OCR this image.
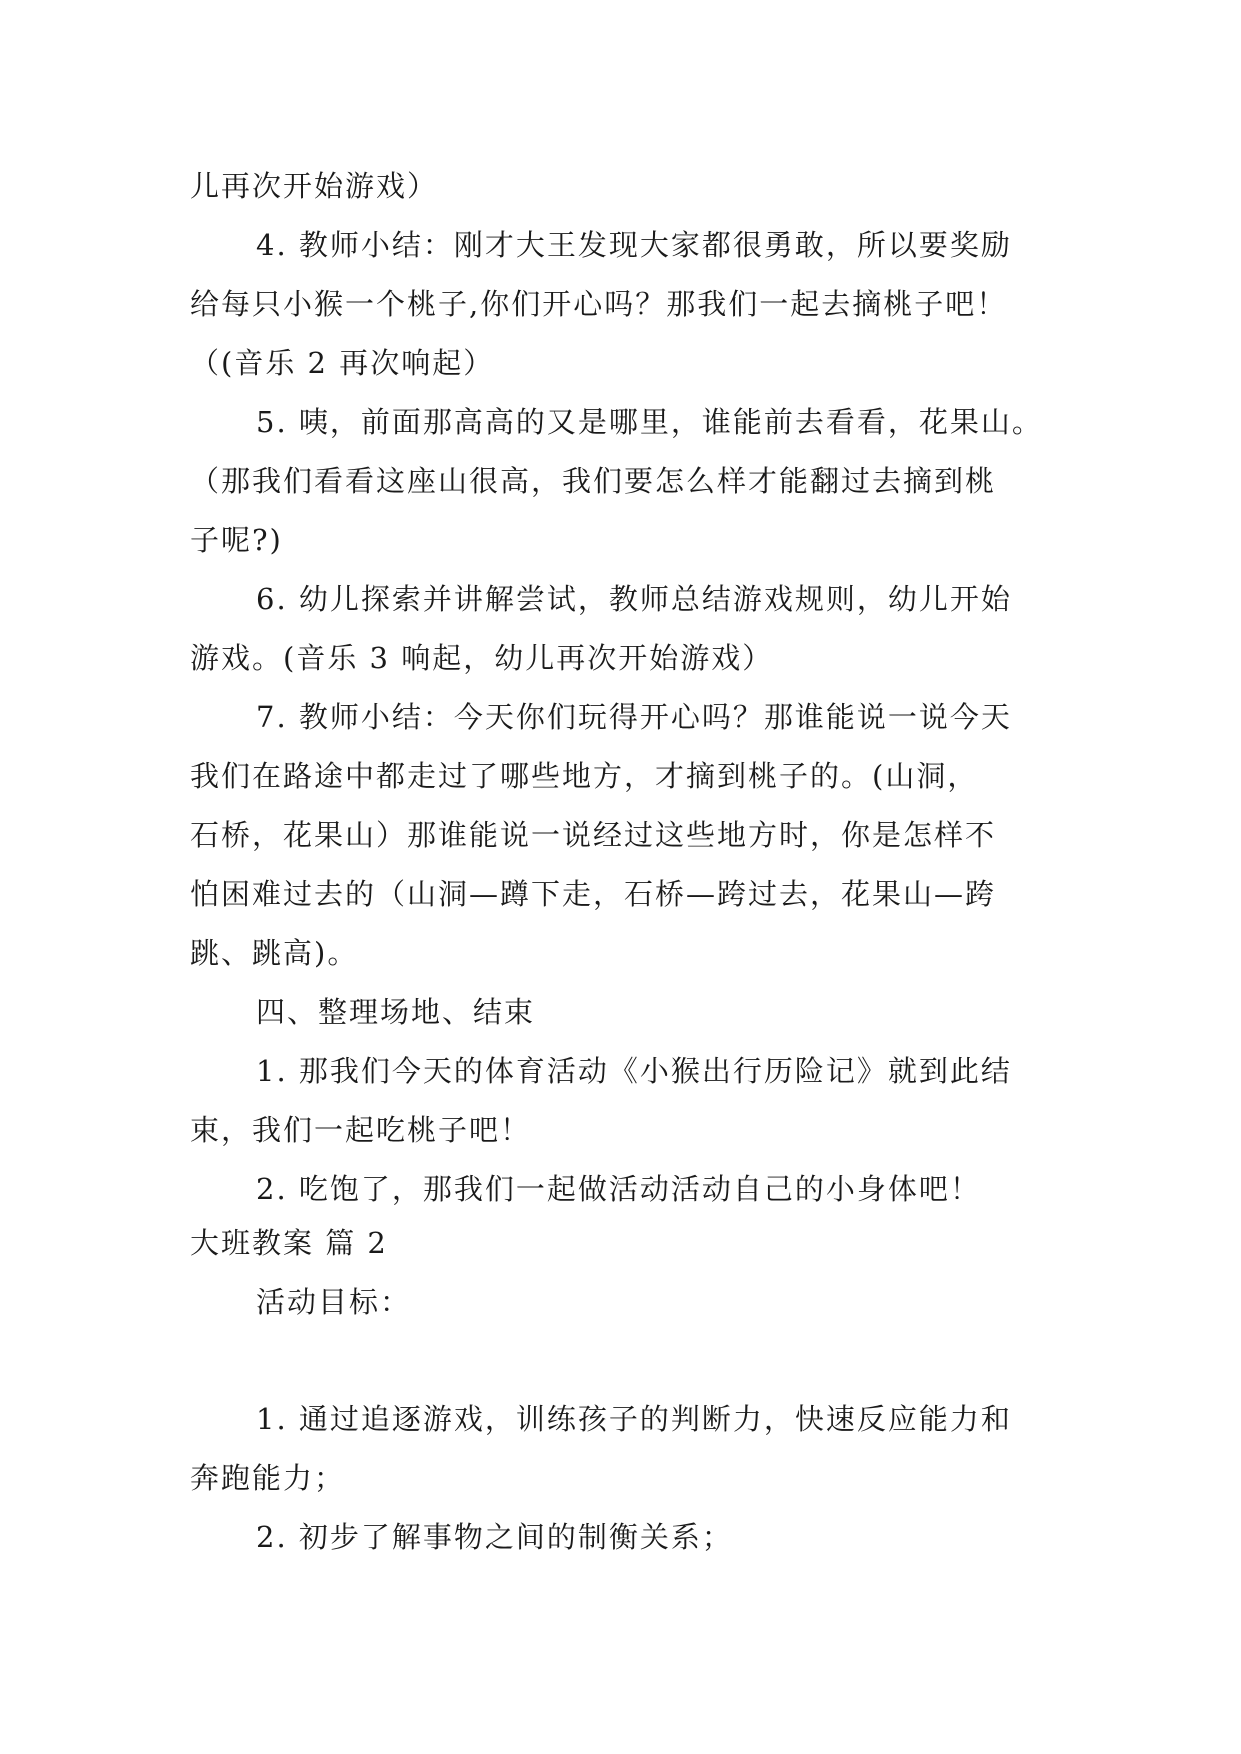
儿再次开始游戏）
4. 教师小结：刚才大王发现大家都很勇敢，所以要奖励
给每只小猴一个桃子,你们开心吗？那我们一起去摘桃子吧！
（(音乐 2 再次响起）
5. 咦，前面那高高的又是哪里，谁能前去看看，花果山。
（那我们看看这座山很高，我们要怎么样才能翻过去摘到桃
子呢?)
6. 幼儿探索并讲解尝试，教师总结游戏规则，幼儿开始
游戏。(音乐 3 响起，幼儿再次开始游戏）
7. 教师小结：今天你们玩得开心吗？那谁能说一说今天
我们在路途中都走过了哪些地方，才摘到桃子的。(山洞，
石桥，花果山）那谁能说一说经过这些地方时，你是怎样不
怕困难过去的（山洞—蹲下走，石桥—跨过去，花果山—跨
跳、跳高)。
四、整理场地、结束
1. 那我们今天的体育活动《小猴出行历险记》就到此结
束，我们一起吃桃子吧！
2. 吃饱了，那我们一起做活动活动自己的小身体吧！
大班教案 篇 2
活动目标：
1. 通过追逐游戏，训练孩子的判断力，快速反应能力和
奔跑能力；
2. 初步了解事物之间的制衡关系；
